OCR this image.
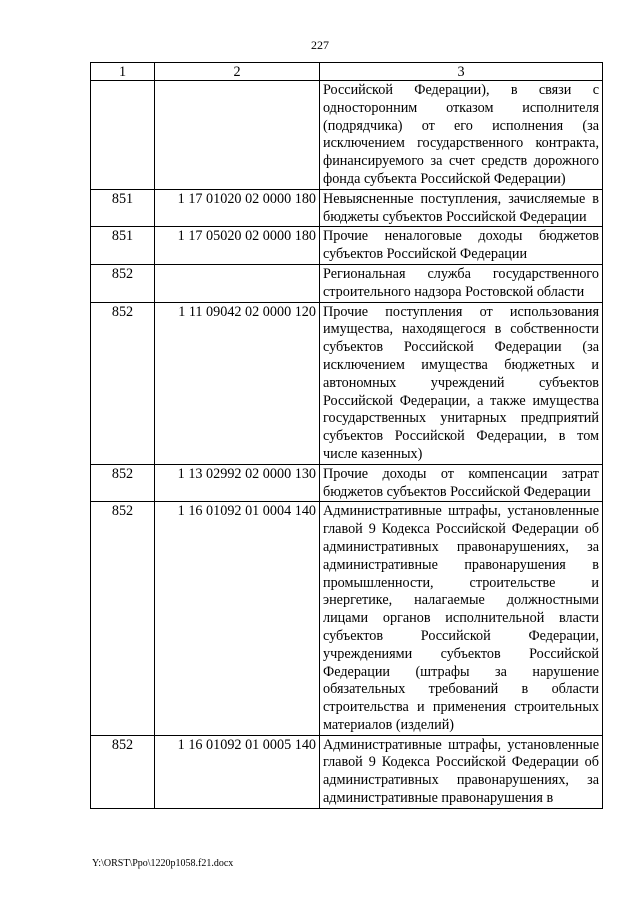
227
1	2	3
		Российской Федерации), в связи с односторонним отказом исполнителя (подрядчика) от его исполнения (за исключением государственного контракта, финансируемого за счет средств дорожного фонда субъекта Российской Федерации)
851	1 17 01020 02 0000 180	Невыясненные поступления, зачисляемые в бюджеты субъектов Российской Федерации
851	1 17 05020 02 0000 180	Прочие неналоговые доходы бюджетов субъектов Российской Федерации
852		Региональная служба государственного строительного надзора Ростовской области
852	1 11 09042 02 0000 120	Прочие поступления от использования имущества, находящегося в собственности субъектов Российской Федерации (за исключением имущества бюджетных и автономных учреждений субъектов Российской Федерации, а также имущества государственных унитарных предприятий субъектов Российской Федерации, в том числе казенных)
852	1 13 02992 02 0000 130	Прочие доходы от компенсации затрат бюджетов субъектов Российской Федерации
852	1 16 01092 01 0004 140	Административные штрафы, установленные главой 9 Кодекса Российской Федерации об административных правонарушениях, за административные правонарушения в промышленности, строительстве и энергетике, налагаемые должностными лицами органов исполнительной власти субъектов Российской Федерации, учреждениями субъектов Российской Федерации (штрафы за нарушение обязательных требований в области строительства и применения строительных материалов (изделий)
852	1 16 01092 01 0005 140	Административные штрафы, установленные главой 9 Кодекса Российской Федерации об административных правонарушениях, за административные правонарушения в
Y:\ORST\Ppo\1220p1058.f21.docx
